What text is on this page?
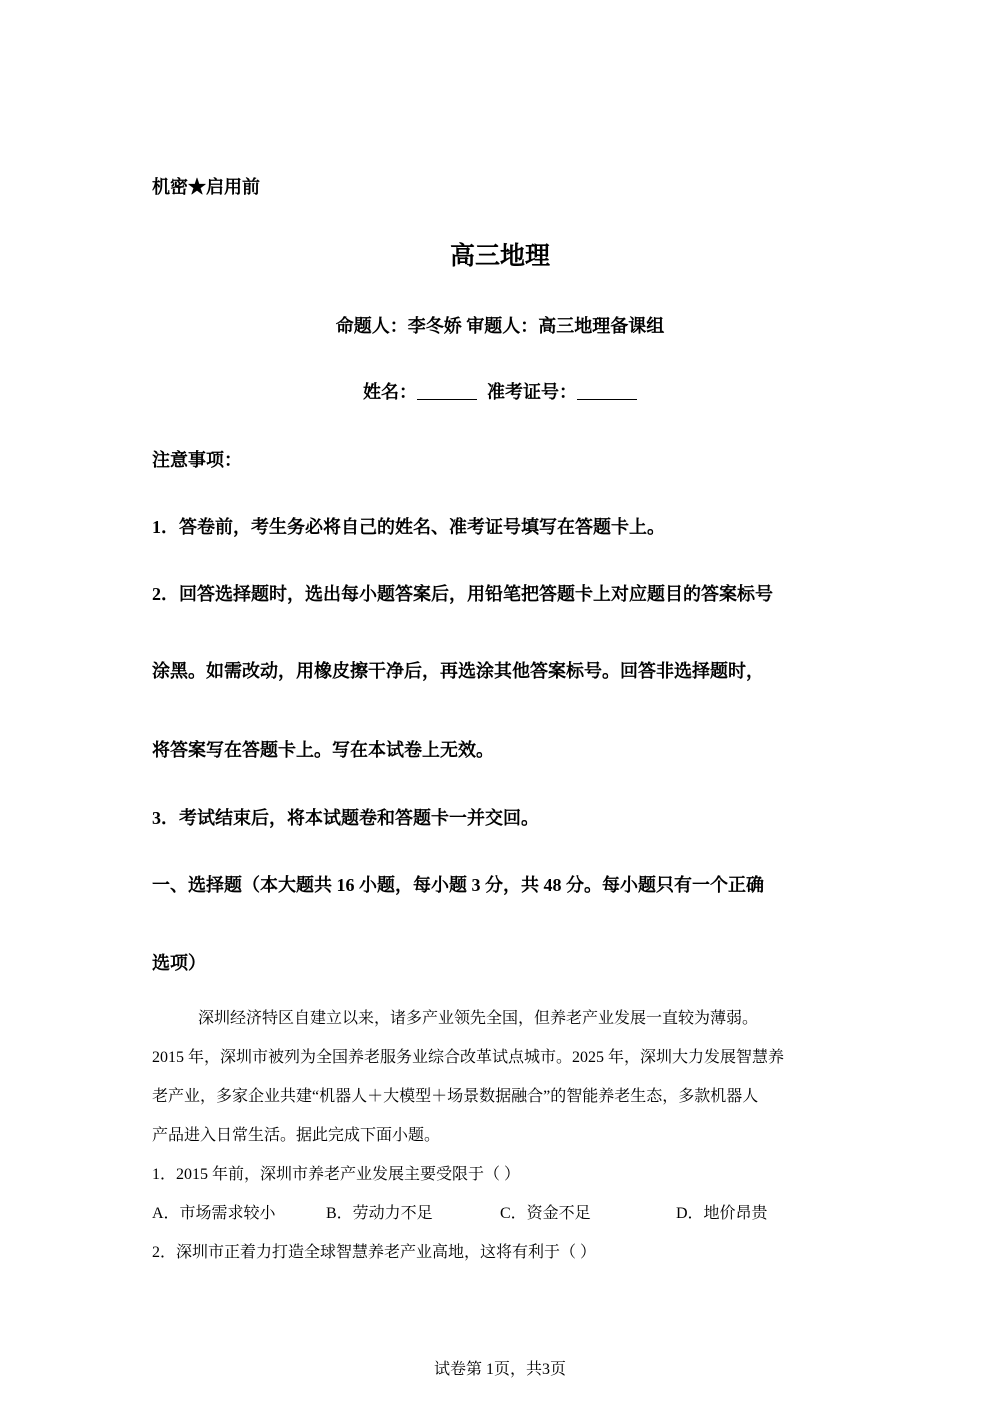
机密★启用前
高三地理
命题人：李冬娇 审题人：高三地理备课组
姓名：	准考证号：
注意事项：
1．答卷前，考生务必将自己的姓名、准考证号填写在答题卡上。
2．回答选择题时，选出每小题答案后，用铅笔把答题卡上对应题目的答案标号
涂黑。如需改动，用橡皮擦干净后，再选涂其他答案标号。回答非选择题时，
将答案写在答题卡上。写在本试卷上无效。
3．考试结束后，将本试题卷和答题卡一并交回。
一、选择题（本大题共 16 小题，每小题 3 分，共 48 分。每小题只有一个正确
选项）
深圳经济特区自建立以来，诸多产业领先全国，但养老产业发展一直较为薄弱。
2015 年，深圳市被列为全国养老服务业综合改革试点城市。2025 年，深圳大力发展智慧养
老产业，多家企业共建“机器人＋大模型＋场景数据融合”的智能养老生态，多款机器人
产品进入日常生活。据此完成下面小题。
1．2015 年前，深圳市养老产业发展主要受限于（ ）
A．市场需求较小	B．劳动力不足	C．资金不足	D．地价昂贵
2．深圳市正着力打造全球智慧养老产业高地，这将有利于（ ）
试卷第 1页，共3页
